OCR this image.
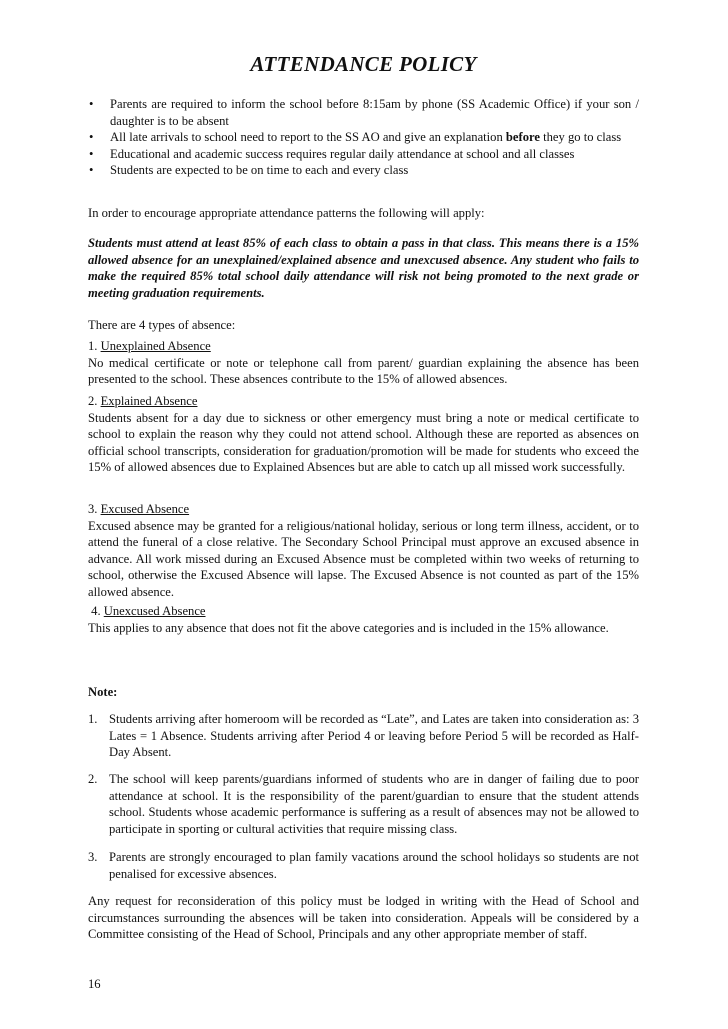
ATTENDANCE POLICY
• Parents are required to inform the school before 8:15am by phone (SS Academic Office) if your son / daughter is to be absent
• All late arrivals to school need to report to the SS AO and give an explanation before they go to class
• Educational and academic success requires regular daily attendance at school and all classes
• Students are expected to be on time to each and every class
In order to encourage appropriate attendance patterns the following will apply:
Students must attend at least 85% of each class to obtain a pass in that class. This means there is a 15% allowed absence for an unexplained/explained absence and unexcused absence. Any student who fails to make the required 85% total school daily attendance will risk not being promoted to the next grade or meeting graduation requirements.
There are 4 types of absence:
1. Unexplained Absence
No medical certificate or note or telephone call from parent/ guardian explaining the absence has been presented to the school. These absences contribute to the 15% of allowed absences.
2. Explained Absence
Students absent for a day due to sickness or other emergency must bring a note or medical certificate to school to explain the reason why they could not attend school. Although these are reported as absences on official school transcripts, consideration for graduation/promotion will be made for students who exceed the 15% of allowed absences due to Explained Absences but are able to catch up all missed work successfully.
3. Excused Absence
Excused absence may be granted for a religious/national holiday, serious or long term illness, accident, or to attend the funeral of a close relative. The Secondary School Principal must approve an excused absence in advance. All work missed during an Excused Absence must be completed within two weeks of returning to school, otherwise the Excused Absence will lapse. The Excused Absence is not counted as part of the 15% allowed absence.
4. Unexcused Absence
This applies to any absence that does not fit the above categories and is included in the 15% allowance.
Note:
1. Students arriving after homeroom will be recorded as “Late”, and Lates are taken into consideration as: 3 Lates = 1 Absence. Students arriving after Period 4 or leaving before Period 5 will be recorded as Half-Day Absent.
2. The school will keep parents/guardians informed of students who are in danger of failing due to poor attendance at school. It is the responsibility of the parent/guardian to ensure that the student attends school. Students whose academic performance is suffering as a result of absences may not be allowed to participate in sporting or cultural activities that require missing class.
3. Parents are strongly encouraged to plan family vacations around the school holidays so students are not penalised for excessive absences.
Any request for reconsideration of this policy must be lodged in writing with the Head of School and circumstances surrounding the absences will be taken into consideration. Appeals will be considered by a Committee consisting of the Head of School, Principals and any other appropriate member of staff.
16
